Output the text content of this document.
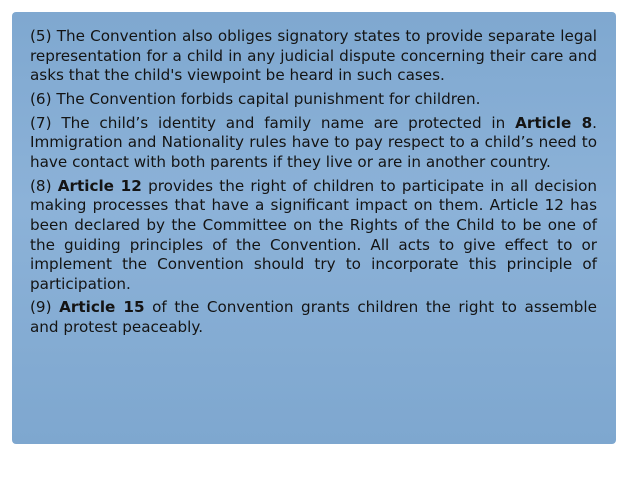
(5) The Convention also obliges signatory states to provide separate legal representation for a child in any judicial dispute concerning their care and asks that the child's viewpoint be heard in such cases.

(6) The Convention forbids capital punishment for children.

(7) The child’s identity and family name are protected in Article 8. Immigration and Nationality rules have to pay respect to a child’s need to have contact with both parents if they live or are in another country.

(8) Article 12 provides the right of children to participate in all decision making processes that have a significant impact on them. Article 12 has been declared by the Committee on the Rights of the Child to be one of the guiding principles of the Convention. All acts to give effect to or implement the Convention should try to incorporate this principle of participation.

(9) Article 15 of the Convention grants children the right to assemble and protest peaceably.
